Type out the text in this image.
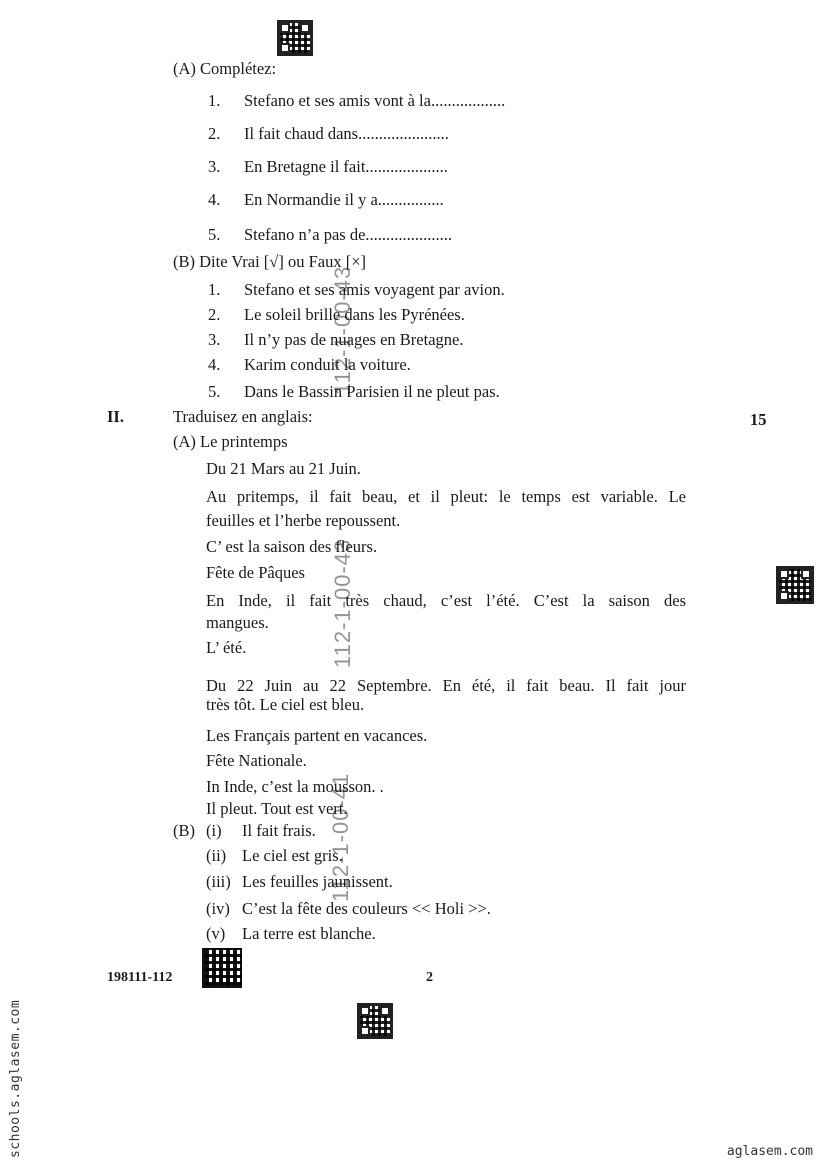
112-1-00-43
112-1-00-43
112-1-00-41
(A) Complétez:
1. Stefano et ses amis vont à la..................
2. Il fait chaud dans......................
3. En Bretagne il fait....................
4. En Normandie il y a................
5. Stefano n’a pas de.....................
(B) Dite Vrai [√] ou Faux [×]
1. Stefano et ses amis voyagent par avion.
2. Le soleil brille dans les Pyrénées.
3. Il n’y pas de nuages en Bretagne.
4. Karim conduit la voiture.
5. Dans le Bassin Parisien il ne pleut pas.
II.	Traduisez en anglais:	15
(A) Le printemps
Du 21 Mars au 21 Juin.
Au pritemps, il fait beau, et il pleut: le temps est variable. Le
feuilles et l’herbe repoussent.
C’ est la saison des fleurs.
Fête de Pâques
En Inde, il fait très chaud, c’est l’été. C’est la saison des
mangues.
L’ été.
Du 22 Juin au 22 Septembre. En été, il fait beau. Il fait jour
très tôt. Le ciel est bleu.
Les Français partent en vacances.
Fête Nationale.
In Inde, c’est la mousson. .
Il pleut. Tout est vert.
(B) (i) Il fait frais.
(ii) Le ciel est gris.
(iii) Les feuilles jaunissent.
(iv) C’est la fête des couleurs << Holi >>.
(v) La terre est blanche.
198111-112	2
schools.aglasem.com	aglasem.com
